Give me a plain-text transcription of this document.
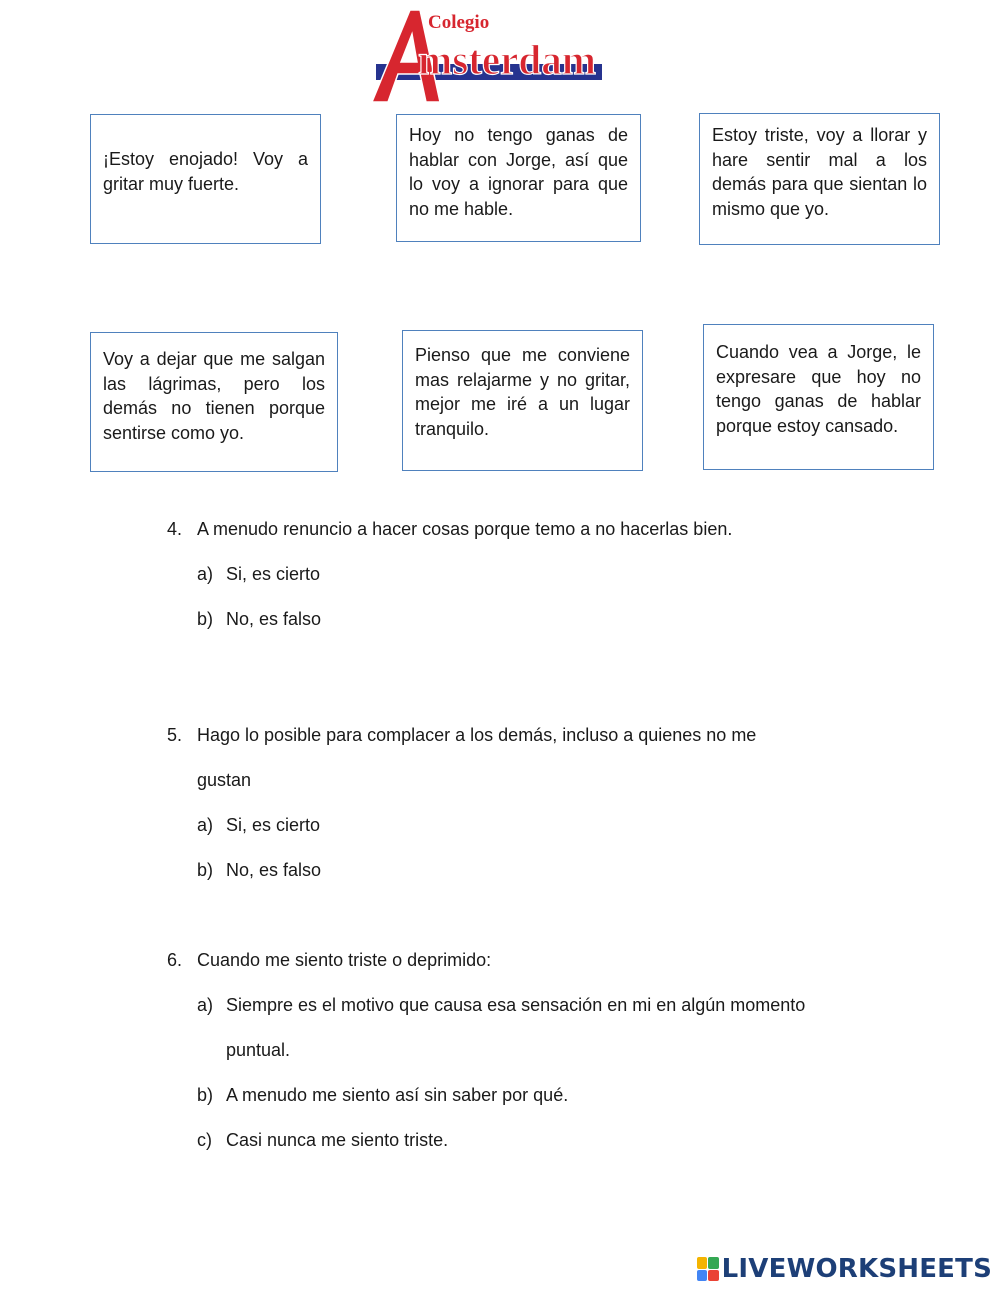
Colegio
msterdam

¡Estoy enojado! Voy a gritar muy fuerte.

Hoy no tengo ganas de hablar con Jorge, así que lo voy a ignorar para que no me hable.

Estoy triste, voy a llorar y hare sentir mal a los demás para que sientan lo mismo que yo.

Voy a dejar que me salgan las lágrimas, pero los demás no tienen porque sentirse como yo.

Pienso que me conviene mas relajarme y no gritar, mejor me iré a un lugar tranquilo.

Cuando vea a Jorge, le expresare que hoy no tengo ganas de hablar porque estoy cansado.

4. A menudo renuncio a hacer cosas porque temo a no hacerlas bien.
a) Si, es cierto
b) No, es falso
5. Hago lo posible para complacer a los demás, incluso a quienes no me
gustan
a) Si, es cierto
b) No, es falso
6. Cuando me siento triste o deprimido:
a) Siempre es el motivo que causa esa sensación en mi en algún momento
puntual.
b) A menudo me siento así sin saber por qué.
c) Casi nunca me siento triste.
LIVEWORKSHEETS
